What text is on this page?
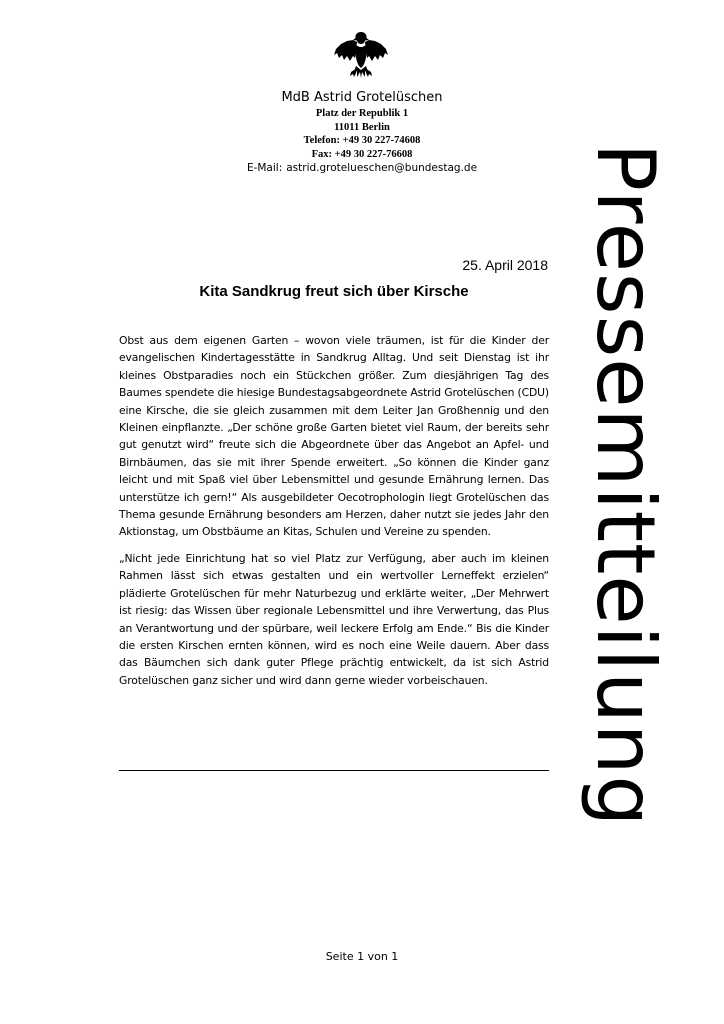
MdB Astrid Grotelüschen
Platz der Republik 1
11011 Berlin
Telefon: +49 30 227-74608
Fax: +49 30 227-76608
E-Mail: astrid.grotelueschen@bundestag.de	Pressemitteilung
25. April 2018
Kita Sandkrug freut sich über Kirsche

Obst aus dem eigenen Garten – wovon viele träumen, ist für die Kinder der evangelischen Kindertagesstätte in Sandkrug Alltag. Und seit Dienstag ist ihr kleines Obstparadies noch ein Stückchen größer. Zum diesjährigen Tag des Baumes spendete die hiesige Bundestagsabgeordnete Astrid Grotelüschen (CDU) eine Kirsche, die sie gleich zusammen mit dem Leiter Jan Großhennig und den Kleinen einpflanzte. „Der schöne große Garten bietet viel Raum, der bereits sehr gut genutzt wird“ freute sich die Abgeordnete über das Angebot an Apfel- und Birnbäumen, das sie mit ihrer Spende erweitert. „So können die Kinder ganz leicht und mit Spaß viel über Lebensmittel und gesunde Ernährung lernen. Das unterstütze ich gern!“ Als ausgebildeter Oecotrophologin liegt Grotelüschen das Thema gesunde Ernährung besonders am Herzen, daher nutzt sie jedes Jahr den Aktionstag, um Obstbäume an Kitas, Schulen und Vereine zu spenden.

„Nicht jede Einrichtung hat so viel Platz zur Verfügung, aber auch im kleinen Rahmen lässt sich etwas gestalten und ein wertvoller Lerneffekt erzielen“ plädierte Grotelüschen für mehr Naturbezug und erklärte weiter, „Der Mehrwert ist riesig: das Wissen über regionale Lebensmittel und ihre Verwertung, das Plus an Verantwortung und der spürbare, weil leckere Erfolg am Ende.“ Bis die Kinder die ersten Kirschen ernten können, wird es noch eine Weile dauern. Aber dass das Bäumchen sich dank guter Pflege prächtig entwickelt, da ist sich Astrid Grotelüschen ganz sicher und wird dann gerne wieder vorbeischauen.

Seite 1 von 1
